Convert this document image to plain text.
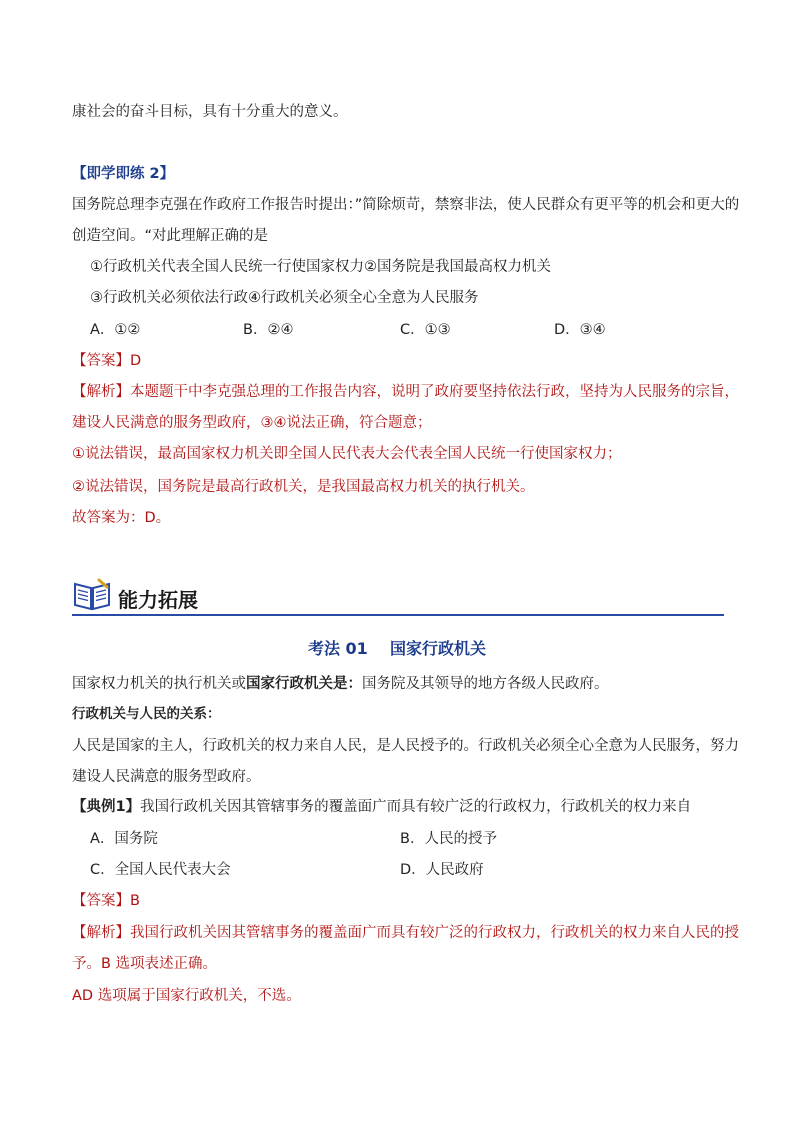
康社会的奋斗目标，具有十分重大的意义。
【即学即练 2】
国务院总理李克强在作政府工作报告时提出：”简除烦苛，禁察非法，使人民群众有更平等的机会和更大的
创造空间。“对此理解正确的是
①行政机关代表全国人民统一行使国家权力②国务院是我国最高权力机关
③行政机关必须依法行政④行政机关必须全心全意为人民服务
A．①②	B．②④	C．①③	D．③④
【答案】D
【解析】本题题干中李克强总理的工作报告内容，说明了政府要坚持依法行政，坚持为人民服务的宗旨，
建设人民满意的服务型政府，③④说法正确，符合题意；
①说法错误，最高国家权力机关即全国人民代表大会代表全国人民统一行使国家权力；
②说法错误，国务院是最高行政机关，是我国最高权力机关的执行机关。
故答案为：D。
能力拓展
考法 01    国家行政机关
国家权力机关的执行机关或国家行政机关是：国务院及其领导的地方各级人民政府。
行政机关与人民的关系：
人民是国家的主人，行政机关的权力来自人民，是人民授予的。行政机关必须全心全意为人民服务，努力
建设人民满意的服务型政府。
【典例1】我国行政机关因其管辖事务的覆盖面广而具有较广泛的行政权力，行政机关的权力来自
A．国务院	B．人民的授予
C．全国人民代表大会	D．人民政府
【答案】B
【解析】我国行政机关因其管辖事务的覆盖面广而具有较广泛的行政权力，行政机关的权力来自人民的授
予。B 选项表述正确。
AD 选项属于国家行政机关，不选。
